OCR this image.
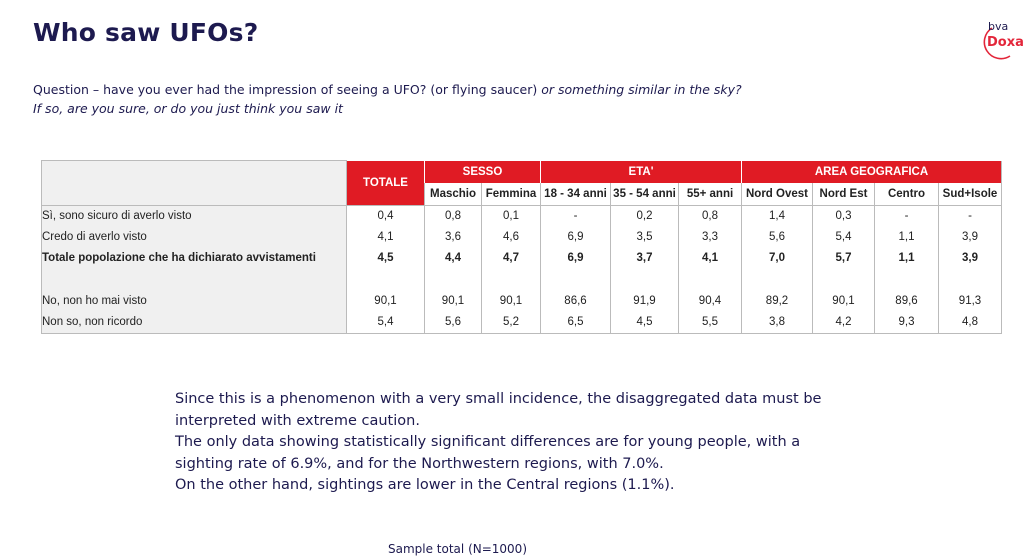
Who saw UFOs?	bva
Doxa
Question – have you ever had the impression of seeing a UFO? (or flying saucer) or something similar in the sky?
If so, are you sure, or do you just think you saw it
	TOTALE	SESSO		ETA'			AREA GEOGRAFICA			
		Maschio	Femmina	18 - 34 anni	35 - 54 anni	55+ anni	Nord Ovest	Nord Est	Centro	Sud+Isole
Sì, sono sicuro di averlo visto	0,4	0,8	0,1	-	0,2	0,8	1,4	0,3	-	-
Credo di averlo visto	4,1	3,6	4,6	6,9	3,5	3,3	5,6	5,4	1,1	3,9
Totale popolazione che ha dichiarato avvistamenti	4,5	4,4	4,7	6,9	3,7	4,1	7,0	5,7	1,1	3,9

No, non ho mai visto	90,1	90,1	90,1	86,6	91,9	90,4	89,2	90,1	89,6	91,3
Non so, non ricordo	5,4	5,6	5,2	6,5	4,5	5,5	3,8	4,2	9,3	4,8

Since this is a phenomenon with a very small incidence, the disaggregated data must be interpreted with extreme caution.

The only data showing statistically significant differences are for young people, with a sighting rate of 6.9%, and for the Northwestern regions, with 7.0%.

On the other hand, sightings are lower in the Central regions (1.1%).

Sample total (N=1000)
